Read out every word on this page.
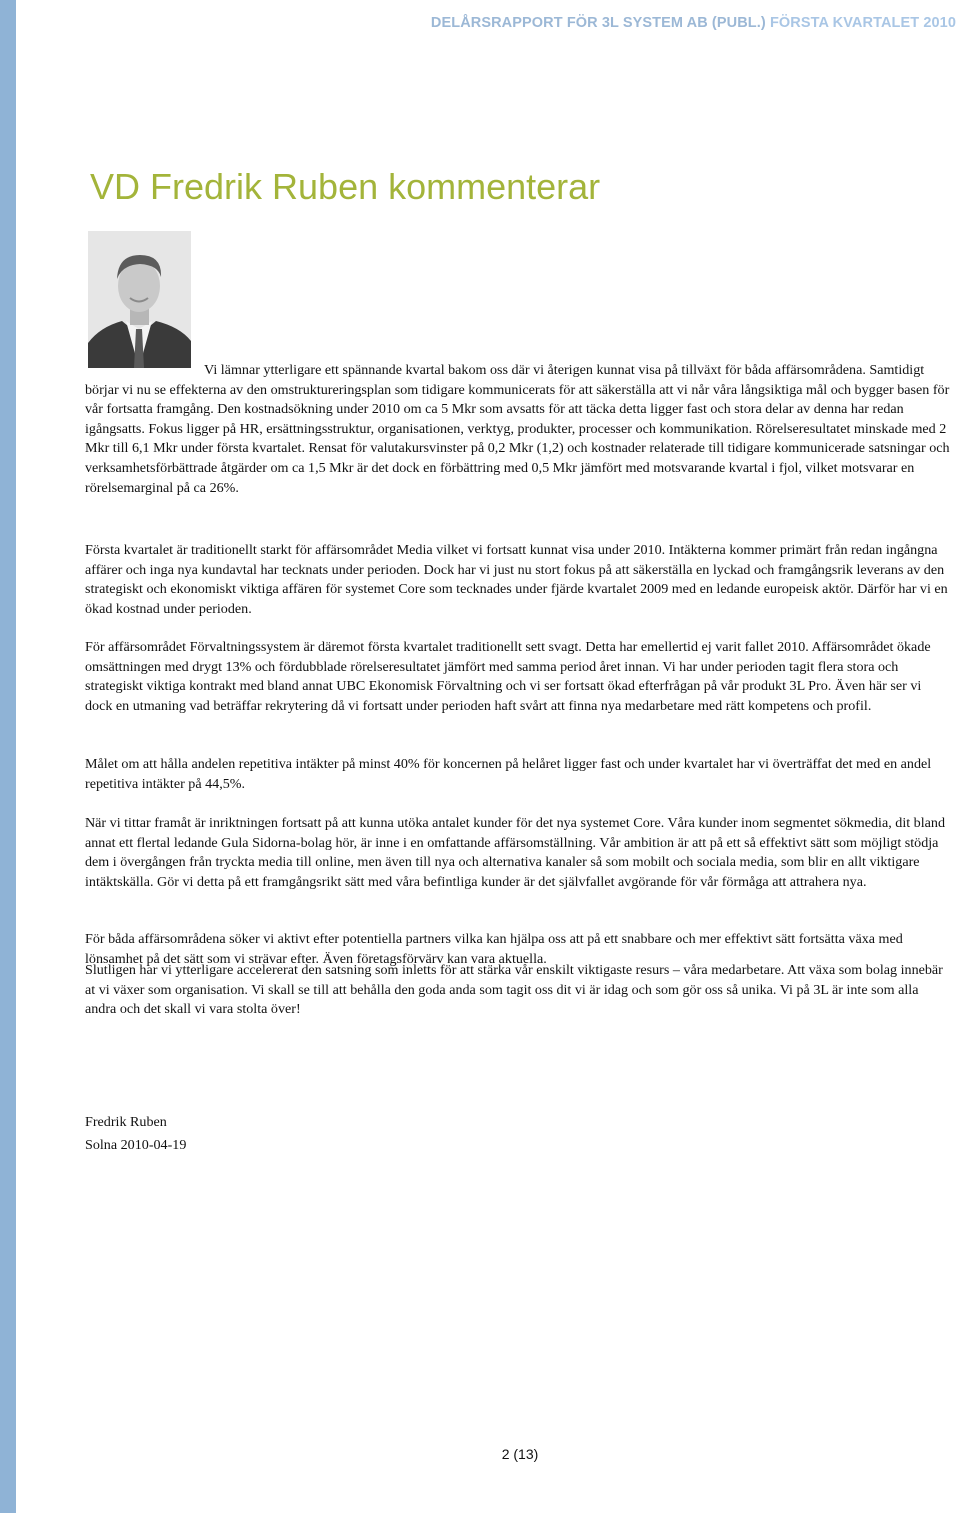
DELÅRSRAPPORT FÖR 3L SYSTEM AB (PUBL.) FÖRSTA KVARTALET 2010
VD Fredrik Ruben kommenterar

Vi lämnar ytterligare ett spännande kvartal bakom oss där vi återigen kunnat visa på tillväxt för båda affärsområdena. Samtidigt börjar vi nu se effekterna av den omstruktureringsplan som tidigare kommunicerats för att säkerställa att vi når våra långsiktiga mål och bygger basen för vår fortsatta framgång. Den kostnadsökning under 2010 om ca 5 Mkr som avsatts för att täcka detta ligger fast och stora delar av denna har redan igångsatts. Fokus ligger på HR, ersättningsstruktur, organisationen, verktyg, produkter, processer och kommunikation. Rörelseresultatet minskade med 2 Mkr till 6,1 Mkr under första kvartalet. Rensat för valutakursvinster på 0,2 Mkr (1,2) och kostnader relaterade till tidigare kommunicerade satsningar och verksamhetsförbättrade åtgärder om ca 1,5 Mkr är det dock en förbättring med 0,5 Mkr jämfört med motsvarande kvartal i fjol, vilket motsvarar en rörelsemarginal på ca 26%.

Första kvartalet är traditionellt starkt för affärsområdet Media vilket vi fortsatt kunnat visa under 2010. Intäkterna kommer primärt från redan ingångna affärer och inga nya kundavtal har tecknats under perioden. Dock har vi just nu stort fokus på att säkerställa en lyckad och framgångsrik leverans av den strategiskt och ekonomiskt viktiga affären för systemet Core som tecknades under fjärde kvartalet 2009 med en ledande europeisk aktör. Därför har vi en ökad kostnad under perioden.

För affärsområdet Förvaltningssystem är däremot första kvartalet traditionellt sett svagt. Detta har emellertid ej varit fallet 2010. Affärsområdet ökade omsättningen med drygt 13% och fördubblade rörelseresultatet jämfört med samma period året innan. Vi har under perioden tagit flera stora och strategiskt viktiga kontrakt med bland annat UBC Ekonomisk Förvaltning och vi ser fortsatt ökad efterfrågan på vår produkt 3L Pro. Även här ser vi dock en utmaning vad beträffar rekrytering då vi fortsatt under perioden haft svårt att finna nya medarbetare med rätt kompetens och profil.

Målet om att hålla andelen repetitiva intäkter på minst 40% för koncernen på helåret ligger fast och under kvartalet har vi överträffat det med en andel repetitiva intäkter på 44,5%.

När vi tittar framåt är inriktningen fortsatt på att kunna utöka antalet kunder för det nya systemet Core. Våra kunder inom segmentet sökmedia, dit bland annat ett flertal ledande Gula Sidorna-bolag hör, är inne i en omfattande affärsomställning. Vår ambition är att på ett så effektivt sätt som möjligt stödja dem i övergången från tryckta media till online, men även till nya och alternativa kanaler så som mobilt och sociala media, som blir en allt viktigare intäktskälla. Gör vi detta på ett framgångsrikt sätt med våra befintliga kunder är det självfallet avgörande för vår förmåga att attrahera nya.

För båda affärsområdena söker vi aktivt efter potentiella partners vilka kan hjälpa oss att på ett snabbare och mer effektivt sätt fortsätta växa med lönsamhet på det sätt som vi strävar efter. Även företagsförvärv kan vara aktuella.

Slutligen har vi ytterligare accelererat den satsning som inletts för att stärka vår enskilt viktigaste resurs – våra medarbetare. Att växa som bolag innebär at vi växer som organisation. Vi skall se till att behålla den goda anda som tagit oss dit vi är idag och som gör oss så unika. Vi på 3L är inte som alla andra och det skall vi vara stolta över!

Fredrik Ruben
Solna 2010-04-19
2 (13)
